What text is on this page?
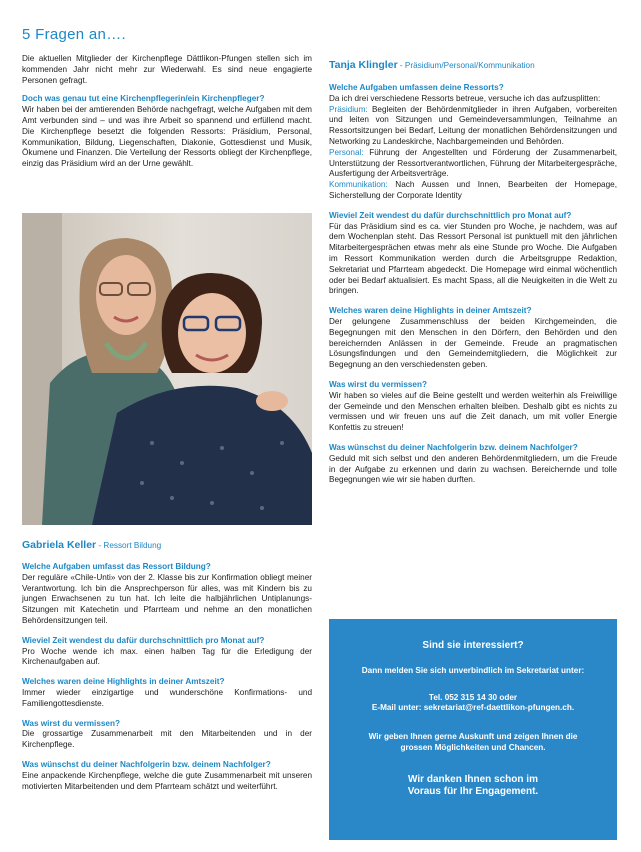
5 Fragen an….

Die aktuellen Mitglieder der Kirchenpflege Dättlikon-Pfungen stellen sich im kommenden Jahr nicht mehr zur Wiederwahl. Es sind neue engagierte Personen gefragt.

Doch was genau tut eine Kirchenpflegerin/ein Kirchenpfleger?

Wir haben bei der amtierenden Behörde nachgefragt, welche Aufgaben mit dem Amt verbunden sind – und was ihre Arbeit so spannend und erfüllend macht. Die Kirchenpflege besetzt die folgenden Ressorts: Präsidium, Personal, Kommunikation, Bildung, Liegenschaften, Diakonie, Gottesdienst und Musik, Ökumene und Finanzen. Die Verteilung der Ressorts obliegt der Kirchenpflege, einzig das Präsidium wird an der Urne gewählt.

Gabriela Keller - Ressort Bildung
Welche Aufgaben umfasst das Ressort Bildung?

Der reguläre «Chile-Unti» von der 2. Klasse bis zur Konfirmation obliegt meiner Verantwortung. Ich bin die Ansprechperson für alles, was mit Kindern bis zu jungen Erwachsenen zu tun hat. Ich leite die halbjährlichen Untiplanungs-Sitzungen mit Katechetin und Pfarrteam und nehme an den monatlichen Behördensitzungen teil.

Wieviel Zeit wendest du dafür durchschnittlich pro Monat auf?

Pro Woche wende ich max. einen halben Tag für die Erledigung der Kirchenaufgaben auf.

Welches waren deine Highlights in deiner Amtszeit?

Immer wieder einzigartige und wunderschöne Konfirmations- und Familiengottesdienste.

Was wirst du vermissen?

Die grossartige Zusammenarbeit mit den Mitarbeitenden und in der Kirchenpflege.

Was wünschst du deiner Nachfolgerin bzw. deinem Nachfolger?

Eine anpackende Kirchenpflege, welche die gute Zusammenarbeit mit unseren motivierten Mitarbeitenden und dem Pfarrteam schätzt und weiterführt.

Tanja Klingler - Präsidium/Personal/Kommunikation
Welche Aufgaben umfassen deine Ressorts?

Da ich drei verschiedene Ressorts betreue, versuche ich das aufzusplitten:

Präsidium: Begleiten der Behördenmitglieder in ihren Aufgaben, vorbereiten und leiten von Sitzungen und Gemeindeversammlungen, Teilnahme an Ressortsitzungen bei Bedarf, Leitung der monatlichen Behördensitzungen und Networking zu Landeskirche, Nachbargemeinden und Behörden.

Personal: Führung der Angestellten und Förderung der Zusammenarbeit, Unterstützung der Ressortverantwortlichen, Führung der Mitarbeitergespräche, Ausfertigung der Arbeitsverträge.

Kommunikation: Nach Aussen und Innen, Bearbeiten der Homepage, Sicherstellung der Corporate Identity

Wieviel Zeit wendest du dafür durchschnittlich pro Monat auf?

Für das Präsidium sind es ca. vier Stunden pro Woche, je nachdem, was auf dem Wochenplan steht. Das Ressort Personal ist punktuell mit den jährlichen Mitarbeitergesprächen etwas mehr als eine Stunde pro Woche. Die Aufgaben im Ressort Kommunikation werden durch die Arbeitsgruppe Redaktion, Sekretariat und Pfarrteam abgedeckt. Die Homepage wird einmal wöchentlich oder bei Bedarf aktualisiert. Es macht Spass, all die Neuigkeiten in die Welt zu bringen.

Welches waren deine Highlights in deiner Amtszeit?

Der gelungene Zusammenschluss der beiden Kirchgemeinden, die Begegnungen mit den Menschen in den Dörfern, den Behörden und den bereichernden Anlässen in der Gemeinde. Freude an pragmatischen Lösungsfindungen und den Gemeindemitgliedern, die Möglichkeit zur Begegnung an den verschiedensten geben.

Was wirst du vermissen?

Wir haben so vieles auf die Beine gestellt und werden weiterhin als Freiwillige der Gemeinde und den Menschen erhalten bleiben. Deshalb gibt es nichts zu vermissen und wir freuen uns auf die Zeit danach, um mit voller Energie Konfettis zu streuen!

Was wünschst du deiner Nachfolgerin bzw. deinem Nachfolger?

Geduld mit sich selbst und den anderen Behördenmitgliedern, um die Freude in der Aufgabe zu erkennen und darin zu wachsen. Bereichernde und tolle Begegnungen wie wir sie haben durften.

Sind sie interessiert?
Dann melden Sie sich unverbindlich im Sekretariat unter:
Tel. 052 315 14 30 oder
E-Mail unter: sekretariat@ref-daettlikon-pfungen.ch.
Wir geben Ihnen gerne Auskunft und zeigen Ihnen die grossen Möglichkeiten und Chancen.
Wir danken Ihnen schon im
Voraus für Ihr Engagement.
